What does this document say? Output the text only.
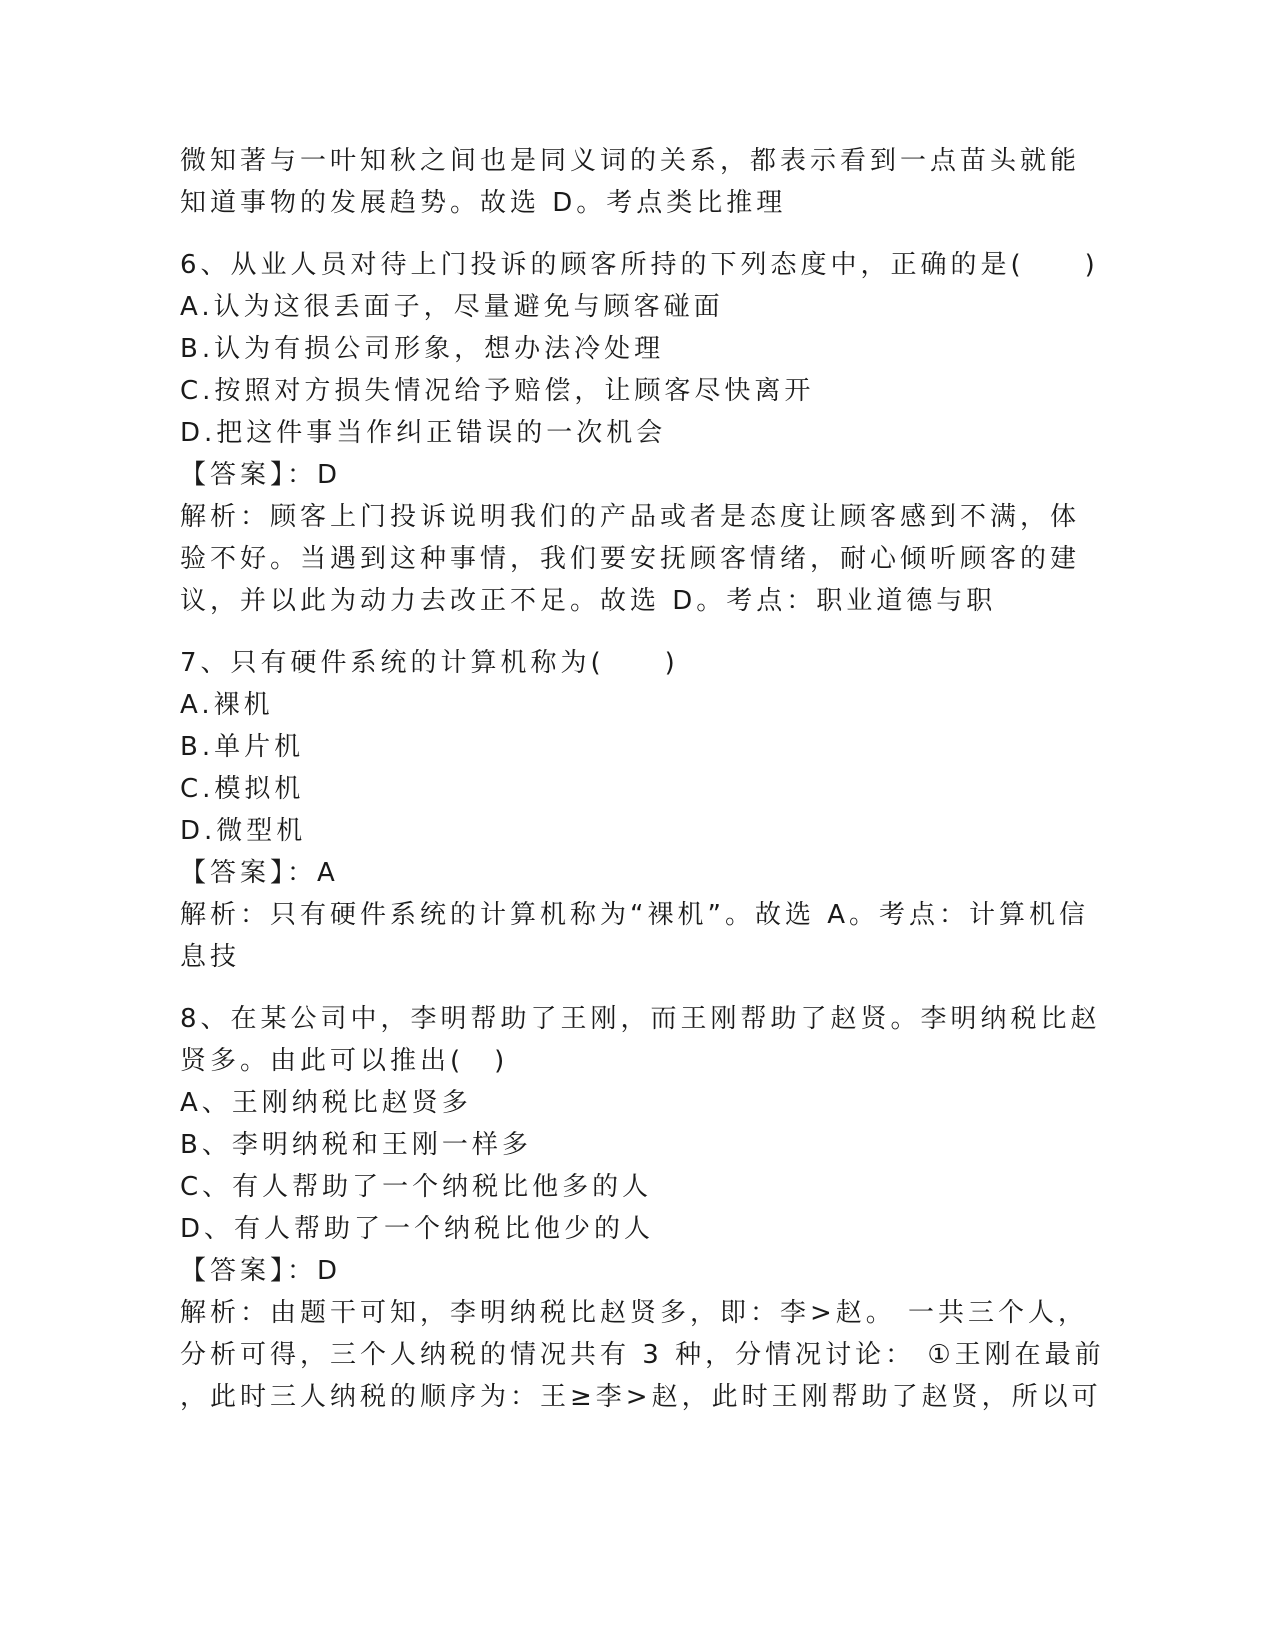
微知著与一叶知秋之间也是同义词的关系，都表示看到一点苗头就能
知道事物的发展趋势。故选 D。考点类比推理
6、从业人员对待上门投诉的顾客所持的下列态度中，正确的是(　　)
A.认为这很丢面子，尽量避免与顾客碰面
B.认为有损公司形象，想办法冷处理
C.按照对方损失情况给予赔偿，让顾客尽快离开
D.把这件事当作纠正错误的一次机会
【答案】：D
解析：顾客上门投诉说明我们的产品或者是态度让顾客感到不满，体
验不好。当遇到这种事情，我们要安抚顾客情绪，耐心倾听顾客的建
议，并以此为动力去改正不足。故选 D。考点：职业道德与职
7、只有硬件系统的计算机称为(　　)
A.裸机
B.单片机
C.模拟机
D.微型机
【答案】：A
解析：只有硬件系统的计算机称为“裸机”。故选 A。考点：计算机信
息技
8、在某公司中，李明帮助了王刚，而王刚帮助了赵贤。李明纳税比赵
贤多。由此可以推出(　)
A、王刚纳税比赵贤多
B、李明纳税和王刚一样多
C、有人帮助了一个纳税比他多的人
D、有人帮助了一个纳税比他少的人
【答案】：D
解析：由题干可知，李明纳税比赵贤多，即：李>赵。 一共三个人，
分析可得，三个人纳税的情况共有 3 种，分情况讨论： ①王刚在最前
，此时三人纳税的顺序为：王≥李>赵，此时王刚帮助了赵贤，所以可
